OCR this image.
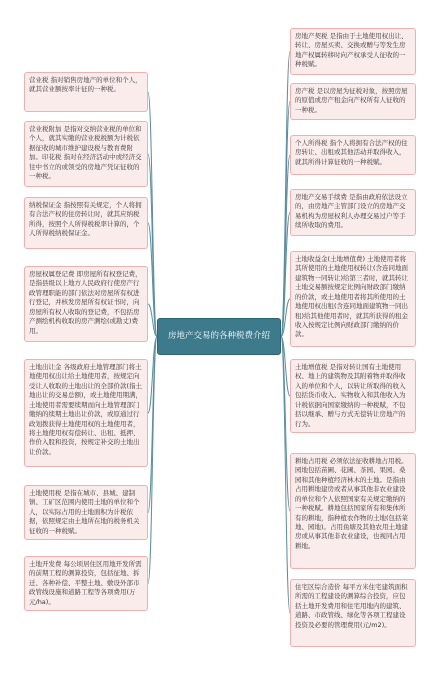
房地产交易的各种税费介绍
营业税 指对销售房地产的单位和个人，就其营业额按率计征的一种税。
营业税附加 是指对交纳营业税的单位和个人，就其实缴的营业税税额为计税依据征收的城市维护建设税与教育费附加。印花税 指对在经济活动中或经济交往中书立的或领受的房地产凭证征收的一种税。
纳税保证金 指按照有关规定，个人将拥有合法产权的住房转让时，就其应纳税所得，按照个人所得税税率计算的，个人所得税纳税保证金。
房屋权属登记费 即房屋所有权登记费，是指县级以上地方人民政府行使房产行政管理职能的部门依法对房屋所有权进行登记，并核发房屋所有权证书时，向房屋所有权人收取的登记费，不包括房产测绘机构收取的房产测绘(或勘丈)费用。
土地出让金 各级政府土地管理部门将土地使用权出让给土地使用者，按规定向受让人收取的土地出让的全部价款(指土地出让的交易总额)，或土地使用期满，土地使用者需要续期而向土地管理部门缴纳的续期土地出让价款，或原通过行政划拨获得土地使用权的土地使用者，将土地使用权有偿转让、出租、抵押、作价入股和投资，按规定补交的土地出让价款。
土地使用税 是指在城市、县城、建制镇、工矿区范围内使用土地的单位和个人，以实际占用的土地面积为计税依据，依照规定由土地所在地的税务机关征收的一种税赋。
土地开发费 每公顷居住区用地开发所需的前期工程的测算投资，包括征地、拆迁、各种补偿、平整土地、敷设外部市政管线设施和道路工程等各项费用(万元/ha)。
房地产契税 是指由于土地使用权出让、转让、房屋买卖、交换或赠与等发生房地产权属转移时向产权承受人征收的一种税赋。
房产税 是以房屋为征税对象，按照房屋的原值或房产租金向产权所有人征收的一种税。
个人所得税 指个人将拥有合法产权的住房转让、出租或其他活动并取得收入，就其所得计算征收的一种税赋。
房地产交易手续费 是指由政府依法设立的，由房地产主管部门设立的房地产交易机构为房屋权利人办理交易过户等手续所收取的费用。
土地收益金(土地增值费) 土地使用者将其所使用的土地使用权转让(含连同地面建筑物一同转让)给第三者时，就其转让土地交易额按规定比例向财政部门缴纳的价款，或土地使用者将其所使用的土地使用权出租(含连同地面建筑物一同出租)给其他使用者时，就其所获得的租金收入按规定比例向财政部门缴纳的价款。
土地增值税 是指对转让国有土地使用权、地上的建筑物及其附着物并取得收入的单位和个人，以转让所取得的收入包括货币收入、实物收入和其他收入为计税依据向国家缴纳的一种税赋，不包括以继承、赠与方式无偿转让房地产的行为。
耕地占用税 必须依法征收耕地占用税。园地包括苗圃、花圃、茶园、果园、桑园和其他种植经济林木的土地。是指由占用耕地建房或者从事其他非农业建设的单位和个人依照国家有关规定缴纳的一种税赋。耕地包括国家所有和集体所有的耕地，指种植农作物的土地(包括菜地、园地)。占用鱼塘及其他农用土地建房或从事其他非农业建设，也视同占用耕地。
住宅区综合造价 每平方米住宅建筑面积所需的工程建设的测算综合投资，应包括土地开发费用和住宅用地内的建筑、道路、市政管线、绿化等各项工程建设投资及必要的管理费用(元/m2)。
